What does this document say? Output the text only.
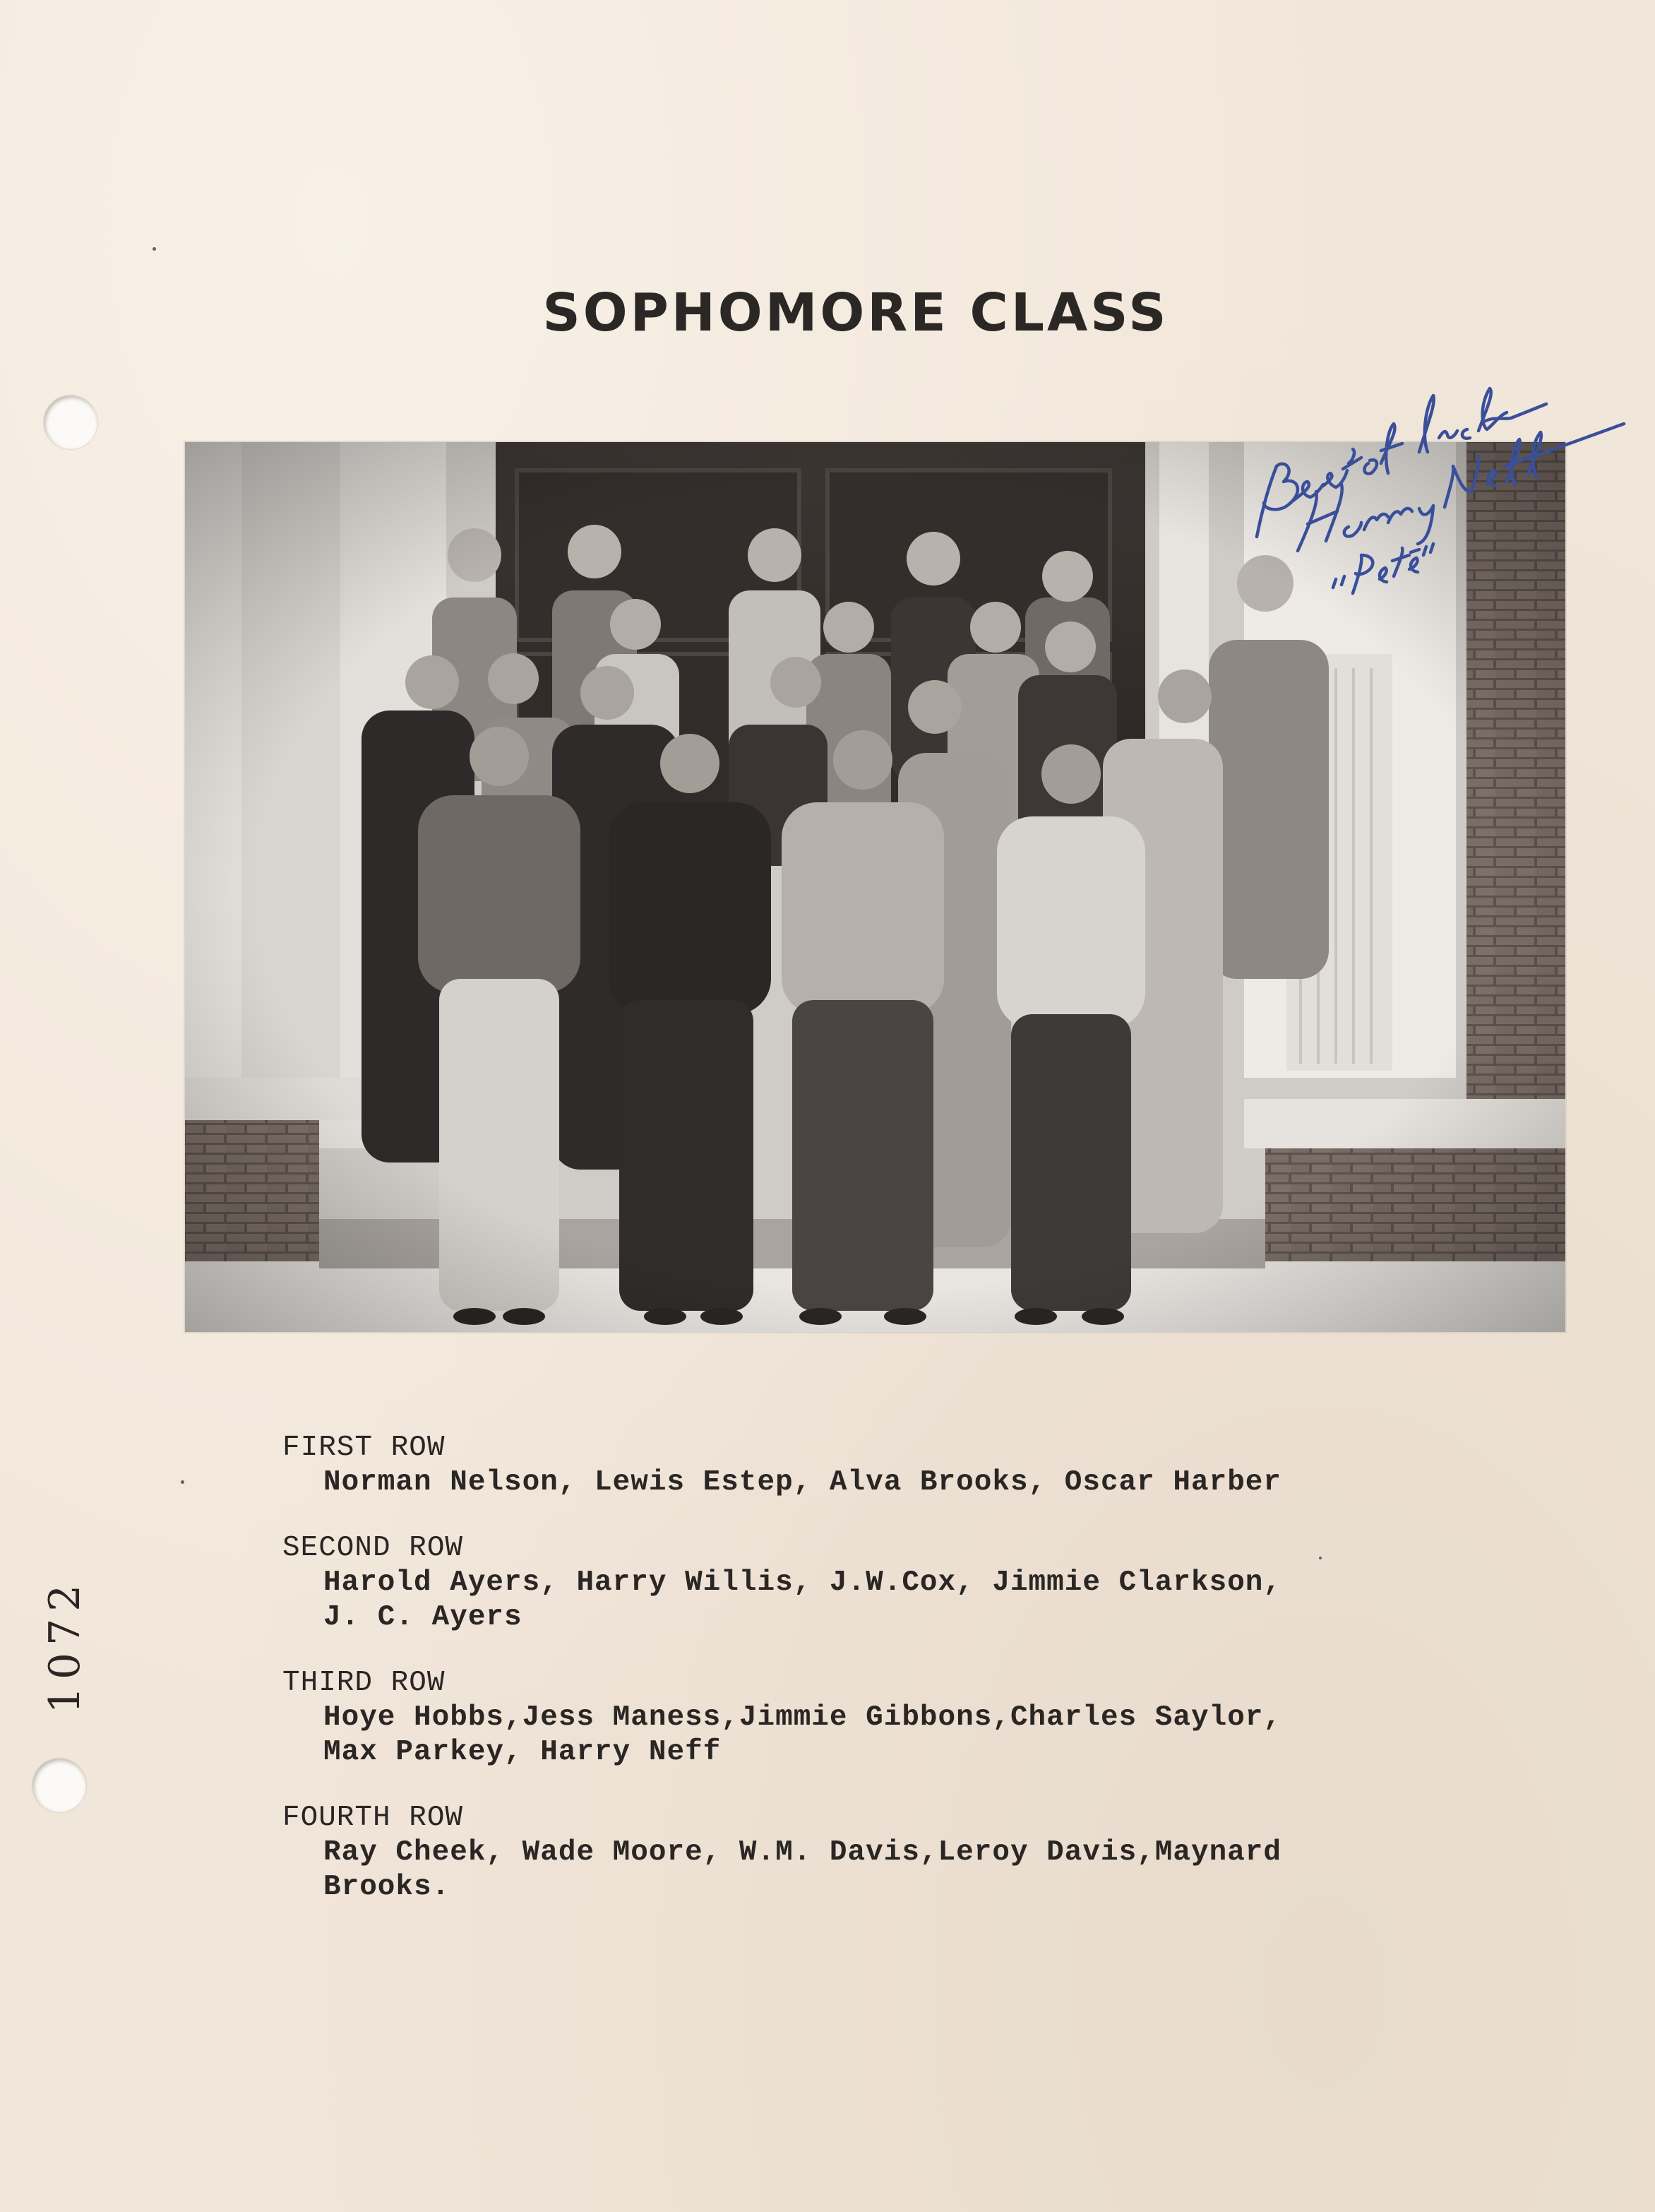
1072
SOPHOMORE CLASS
FIRST ROW
Norman Nelson, Lewis Estep, Alva Brooks, Oscar Harber
SECOND ROW
Harold Ayers, Harry Willis, J.W.Cox, Jimmie Clarkson,
J. C. Ayers
THIRD ROW
Hoye Hobbs,Jess Maness,Jimmie Gibbons,Charles Saylor,
Max Parkey, Harry Neff
FOURTH ROW
Ray Cheek, Wade Moore, W.M. Davis,Leroy Davis,Maynard
Brooks.
